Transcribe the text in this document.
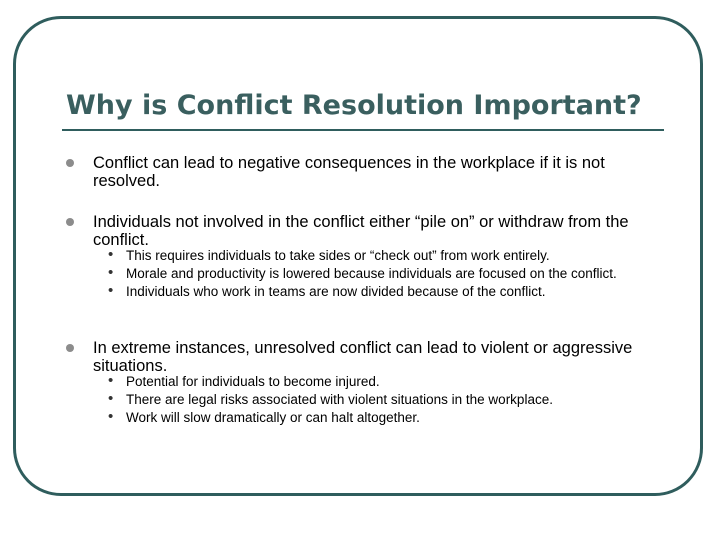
Why is Conflict Resolution Important?
Conflict can lead to negative consequences in the workplace if it is not resolved.
Individuals not involved in the conflict either “pile on” or withdraw from the conflict.
• This requires individuals to take sides or “check out” from work entirely.
• Morale and productivity is lowered because individuals are focused on the conflict.
• Individuals who work in teams are now divided because of the conflict.
In extreme instances, unresolved conflict can lead to violent or aggressive situations.
• Potential for individuals to become injured.
• There are legal risks associated with violent situations in the workplace.
• Work will slow dramatically or can halt altogether.
